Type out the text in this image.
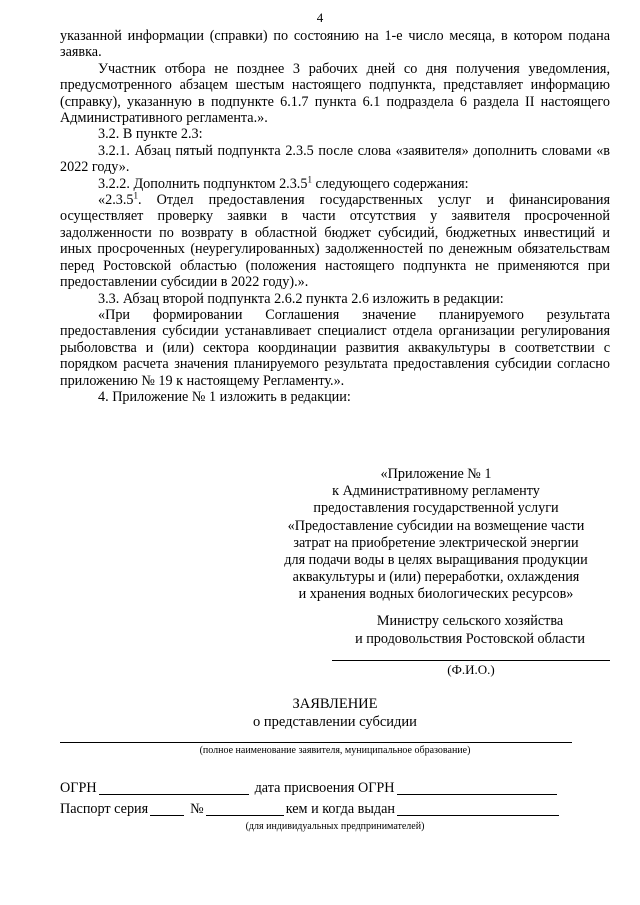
4

указанной информации (справки) по состоянию на 1-е число месяца, в котором подана заявка.

Участник отбора не позднее 3 рабочих дней со дня получения уведомления, предусмотренного абзацем шестым настоящего подпункта, представляет информацию (справку), указанную в подпункте 6.1.7 пункта 6.1 подраздела 6 раздела II настоящего Административного регламента.».

3.2. В пункте 2.3:

3.2.1. Абзац пятый подпункта 2.3.5 после слова «заявителя» дополнить словами «в 2022 году».

3.2.2. Дополнить подпунктом 2.3.5$^1$ следующего содержания:

«2.3.5$^1$. Отдел предоставления государственных услуг и финансирования осуществляет проверку заявки в части отсутствия у заявителя просроченной задолженности по возврату в областной бюджет субсидий, бюджетных инвестиций и иных просроченных (неурегулированных) задолженностей по денежным обязательствам перед Ростовской областью (положения настоящего подпункта не применяются при предоставлении субсидии в 2022 году).».

3.3. Абзац второй подпункта 2.6.2 пункта 2.6 изложить в редакции:

«При формировании Соглашения значение планируемого результата предоставления субсидии устанавливает специалист отдела организации регулирования рыболовства и (или) сектора координации развития аквакультуры в соответствии с порядком расчета значения планируемого результата предоставления субсидии согласно приложению № 19 к настоящему Регламенту.».

4. Приложение № 1 изложить в редакции:

«Приложение № 1
к Административному регламенту
предоставления государственной услуги
«Предоставление субсидии на возмещение части
затрат на приобретение электрической энергии
для подачи воды в целях выращивания продукции
аквакультуры и (или) переработки, охлаждения
и хранения водных биологических ресурсов»
Министру сельского хозяйства
и продовольствия Ростовской области
(Ф.И.О.)
ЗАЯВЛЕНИЕ
о представлении субсидии
(полное наименование заявителя, муниципальное образование)
ОГРН	дата присвоения ОГРН
Паспорт серия	№	кем и когда выдан
(для индивидуальных предпринимателей)
